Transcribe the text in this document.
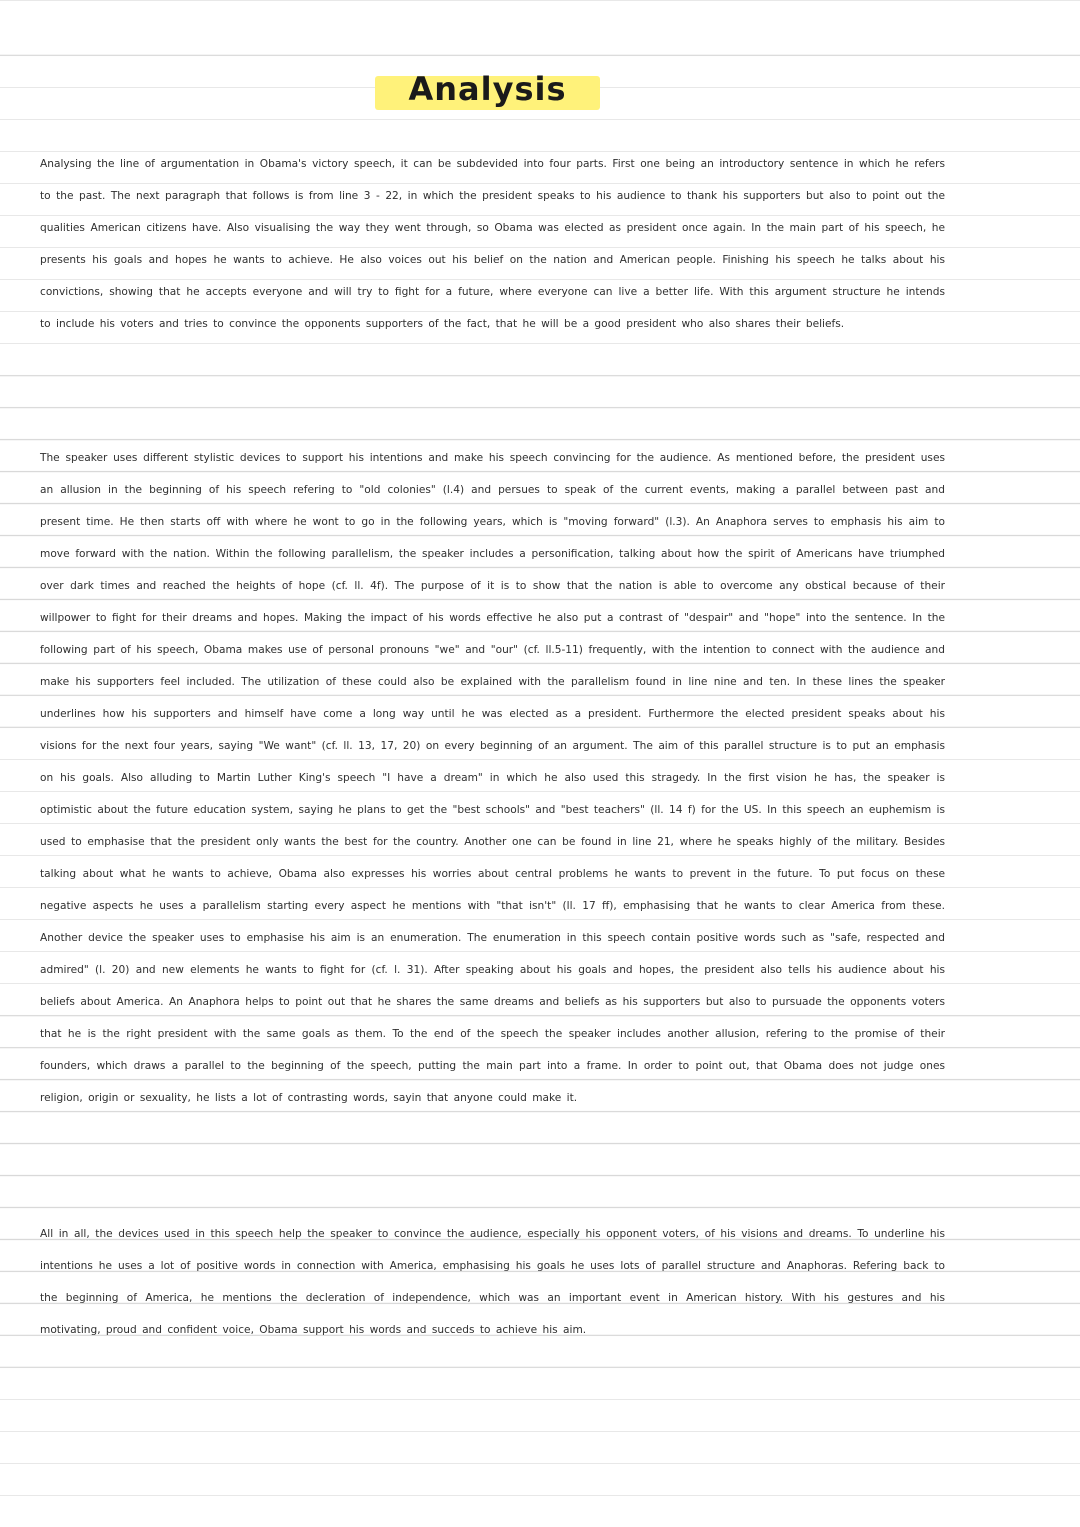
Analysis
Analysing the line of argumentation in Obama's victory speech, it can be subdevided into four parts. First one being an introductory sentence in which he refers to the past. The next paragraph that follows is from line 3 - 22, in which the president speaks to his audience to thank his supporters but also to point out the qualities American citizens have. Also visualising the way they went through, so Obama was elected as president once again. In the main part of his speech, he presents his goals and hopes he wants to achieve. He also voices out his belief on the nation and American people. Finishing his speech he talks about his convictions, showing that he accepts everyone and will try to fight for a future, where everyone can live a better life. With this argument structure he intends to include his voters and tries to convince the opponents supporters of the fact, that he will be a good president who also shares their beliefs.
The speaker uses different stylistic devices to support his intentions and make his speech convincing for the audience. As mentioned before, the president uses an allusion in the beginning of his speech refering to "old colonies" (l.4) and persues to speak of the current events, making a parallel between past and present time. He then starts off with where he wont to go in the following years, which is "moving forward" (l.3). An Anaphora serves to emphasis his aim to move forward with the nation. Within the following parallelism, the speaker includes a personification, talking about how the spirit of Americans have triumphed over dark times and reached the heights of hope (cf. ll. 4f). The purpose of it is to show that the nation is able to overcome any obstical because of their willpower to fight for their dreams and hopes. Making the impact of his words effective he also put a contrast of "despair" and "hope" into the sentence. In the following part of his speech, Obama makes use of personal pronouns "we" and "our" (cf. ll.5-11) frequently, with the intention to connect with the audience and make his supporters feel included. The utilization of these could also be explained with the parallelism found in line nine and ten. In these lines the speaker underlines how his supporters and himself have come a long way until he was elected as a president. Furthermore the elected president speaks about his visions for the next four years, saying "We want" (cf. ll. 13, 17, 20) on every beginning of an argument. The aim of this parallel structure is to put an emphasis on his goals. Also alluding to Martin Luther King's speech "I have a dream" in which he also used this stragedy. In the first vision he has, the speaker is optimistic about the future education system, saying he plans to get the "best schools" and "best teachers" (ll. 14 f) for the US. In this speech an euphemism is used to emphasise that the president only wants the best for the country. Another one can be found in line 21, where he speaks highly of the military. Besides talking about what he wants to achieve, Obama also expresses his worries about central problems he wants to prevent in the future. To put focus on these negative aspects he uses a parallelism starting every aspect he mentions with "that isn't" (ll. 17 ff), emphasising that he wants to clear America from these. Another device the speaker uses to emphasise his aim is an enumeration. The enumeration in this speech contain positive words such as "safe, respected and admired" (l. 20) and new elements he wants to fight for (cf. l. 31). After speaking about his goals and hopes, the president also tells his audience about his beliefs about America. An Anaphora helps to point out that he shares the same dreams and beliefs as his supporters but also to pursuade the opponents voters that he is the right president with the same goals as them. To the end of the speech the speaker includes another allusion, refering to the promise of their founders, which draws a parallel to the beginning of the speech, putting the main part into a frame. In order to point out, that Obama does not judge ones religion, origin or sexuality, he lists a lot of contrasting words, sayin that anyone could make it.
All in all, the devices used in this speech help the speaker to convince the audience, especially his opponent voters, of his visions and dreams. To underline his intentions he uses a lot of positive words in connection with America, emphasising his goals he uses lots of parallel structure and Anaphoras. Refering back to the beginning of America, he mentions the decleration of independence, which was an important event in American history. With his gestures and his motivating, proud and confident voice, Obama support his words and succeds to achieve his aim.
